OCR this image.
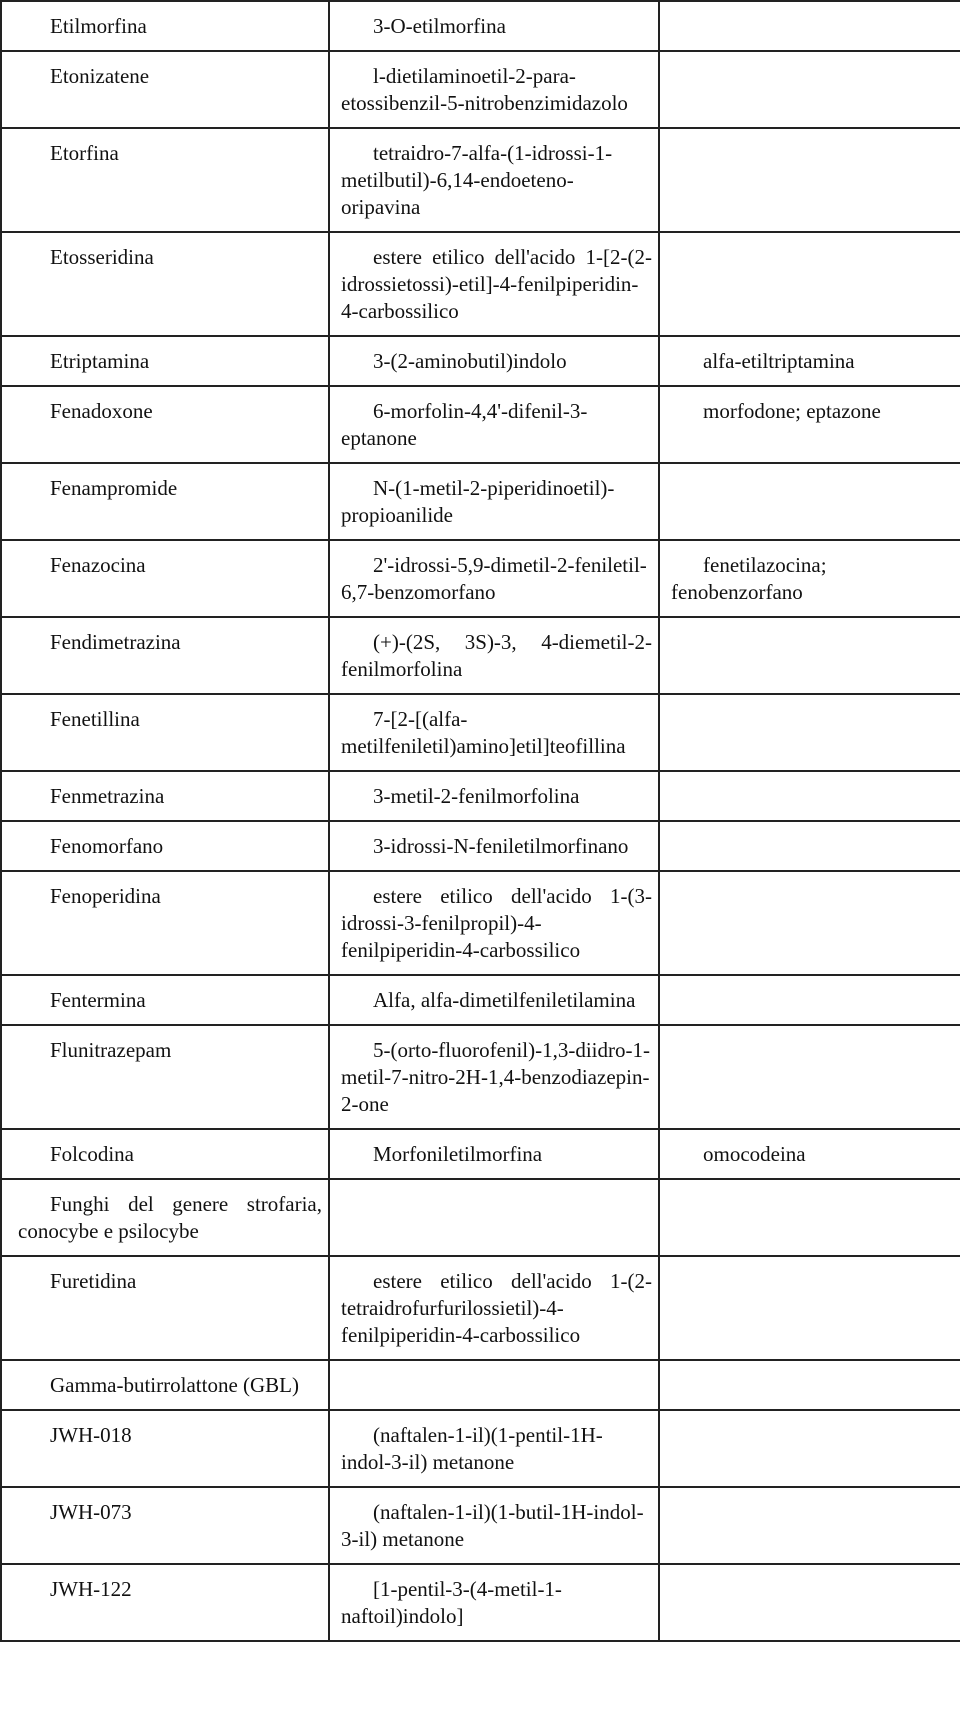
Etilmorfina	3-O-etilmorfina	
Etonizatene	l-dietilaminoetil-2-para-etossibenzil-5-nitrobenzimidazolo	
Etorfina	tetraidro-7-alfa-(1-idrossi-1-metilbutil)-6,14-endoeteno-oripavina	
Etosseridina	estere etilico dell'acido 1-[2-(2-idrossietossi)-etil]-4-fenilpiperidin-4-carbossilico	
Etriptamina	3-(2-aminobutil)indolo	alfa-etiltriptamina
Fenadoxone	6-morfolin-4,4'-difenil-3-eptanone	morfodone; eptazone
Fenampromide	N-(1-metil-2-piperidinoetil)-propioanilide	
Fenazocina	2'-idrossi-5,9-dimetil-2-feniletil-6,7-benzomorfano	fenetilazocina; fenobenzorfano
Fendimetrazina	(+)-(2S, 3S)-3, 4-diemetil-2-fenilmorfolina	
Fenetillina	7-[2-[(alfa-metilfeniletil)amino]etil]teofillina	
Fenmetrazina	3-metil-2-fenilmorfolina	
Fenomorfano	3-idrossi-N-feniletilmorfinano	
Fenoperidina	estere etilico dell'acido 1-(3-idrossi-3-fenilpropil)-4-fenilpiperidin-4-carbossilico	
Fentermina	Alfa, alfa-dimetilfeniletilamina	
Flunitrazepam	5-(orto-fluorofenil)-1,3-diidro-1-metil-7-nitro-2H-1,4-benzodiazepin-2-one	
Folcodina	Morfoniletilmorfina	omocodeina
Funghi del genere strofaria, conocybe e psilocybe		
Furetidina	estere etilico dell'acido 1-(2-tetraidrofurfurilossietil)-4-fenilpiperidin-4-carbossilico	
Gamma-butirrolattone (GBL)		
JWH-018	(naftalen-1-il)(1-pentil-1H-indol-3-il) metanone	
JWH-073	(naftalen-1-il)(1-butil-1H-indol-3-il) metanone	
JWH-122	[1-pentil-3-(4-metil-1-naftoil)indolo]	
